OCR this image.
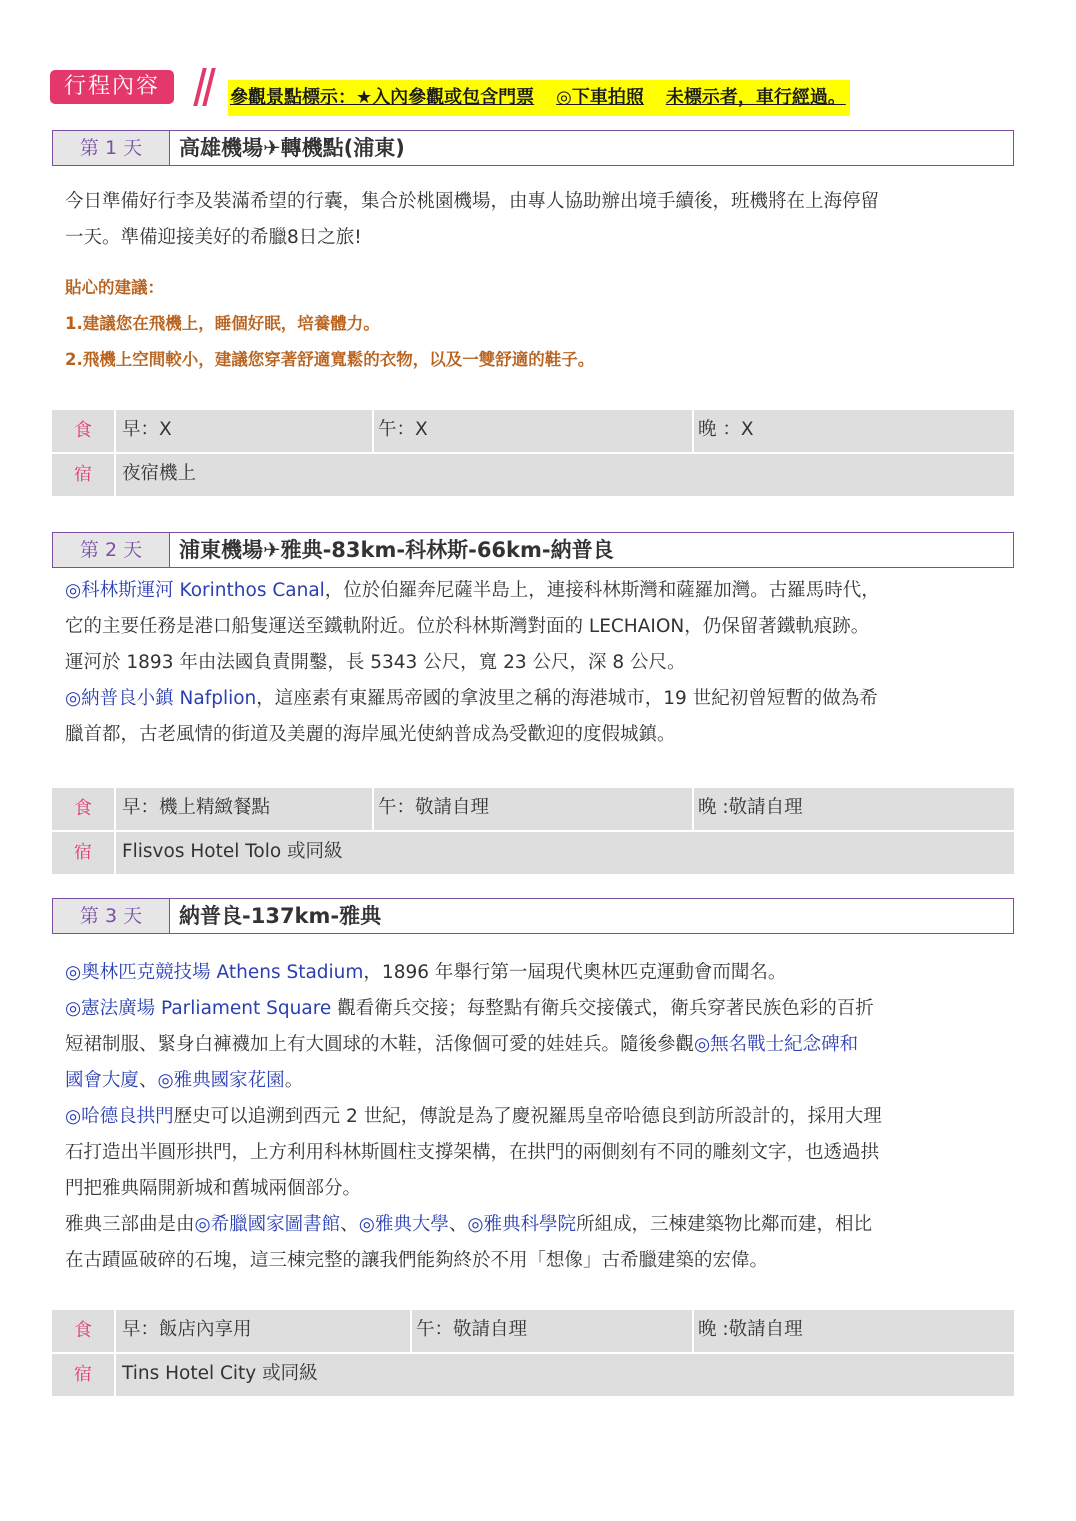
行程內容	參觀景點標示：★入內參觀或包含門票 ◎下車拍照 未標示者，車行經過。
第 1 天	高雄機場✈轉機點(浦東)

今日準備好行李及裝滿希望的行囊，集合於桃園機場，由專人協助辦出境手續後，班機將在上海停留
一天。準備迎接美好的希臘8日之旅!

貼心的建議：
1.建議您在飛機上，睡個好眠，培養體力。
2.飛機上空間較小，建議您穿著舒適寬鬆的衣物，以及一雙舒適的鞋子。
食	早：X	午：X	晚 ：X
宿	夜宿機上
第 2 天	浦東機場✈雅典-83km-科林斯-66km-納普良

◎科林斯運河 Korinthos Canal，位於伯羅奔尼薩半島上，連接科林斯灣和薩羅加灣。古羅馬時代，
它的主要任務是港口船隻運送至鐵軌附近。位於科林斯灣對面的 LECHAION，仍保留著鐵軌痕跡。
運河於 1893 年由法國負責開鑿，長 5343 公尺，寬 23 公尺，深 8 公尺。
◎納普良小鎮 Nafplion，這座素有東羅馬帝國的拿波里之稱的海港城市，19 世紀初曾短暫的做為希
臘首都，古老風情的街道及美麗的海岸風光使納普成為受歡迎的度假城鎮。

食	早：機上精緻餐點	午：敬請自理	晚 :敬請自理
宿	Flisvos Hotel Tolo 或同級
第 3 天	納普良-137km-雅典

◎奧林匹克競技場 Athens Stadium，1896 年舉行第一屆現代奧林匹克運動會而聞名。
◎憲法廣場 Parliament Square 觀看衛兵交接；每整點有衛兵交接儀式，衛兵穿著民族色彩的百折
短裙制服、緊身白褲襪加上有大圓球的木鞋，活像個可愛的娃娃兵。隨後參觀◎無名戰士紀念碑和
國會大廈、◎雅典國家花園。
◎哈德良拱門歷史可以追溯到西元 2 世紀，傳說是為了慶祝羅馬皇帝哈德良到訪所設計的，採用大理
石打造出半圓形拱門，上方利用科林斯圓柱支撐架構，在拱門的兩側刻有不同的雕刻文字，也透過拱
門把雅典隔開新城和舊城兩個部分。
雅典三部曲是由◎希臘國家圖書館、◎雅典大學、◎雅典科學院所組成，三棟建築物比鄰而建，相比
在古蹟區破碎的石塊，這三棟完整的讓我們能夠終於不用「想像」古希臘建築的宏偉。

食	早：飯店內享用	午：敬請自理	晚 :敬請自理
宿	Tins Hotel City 或同級
